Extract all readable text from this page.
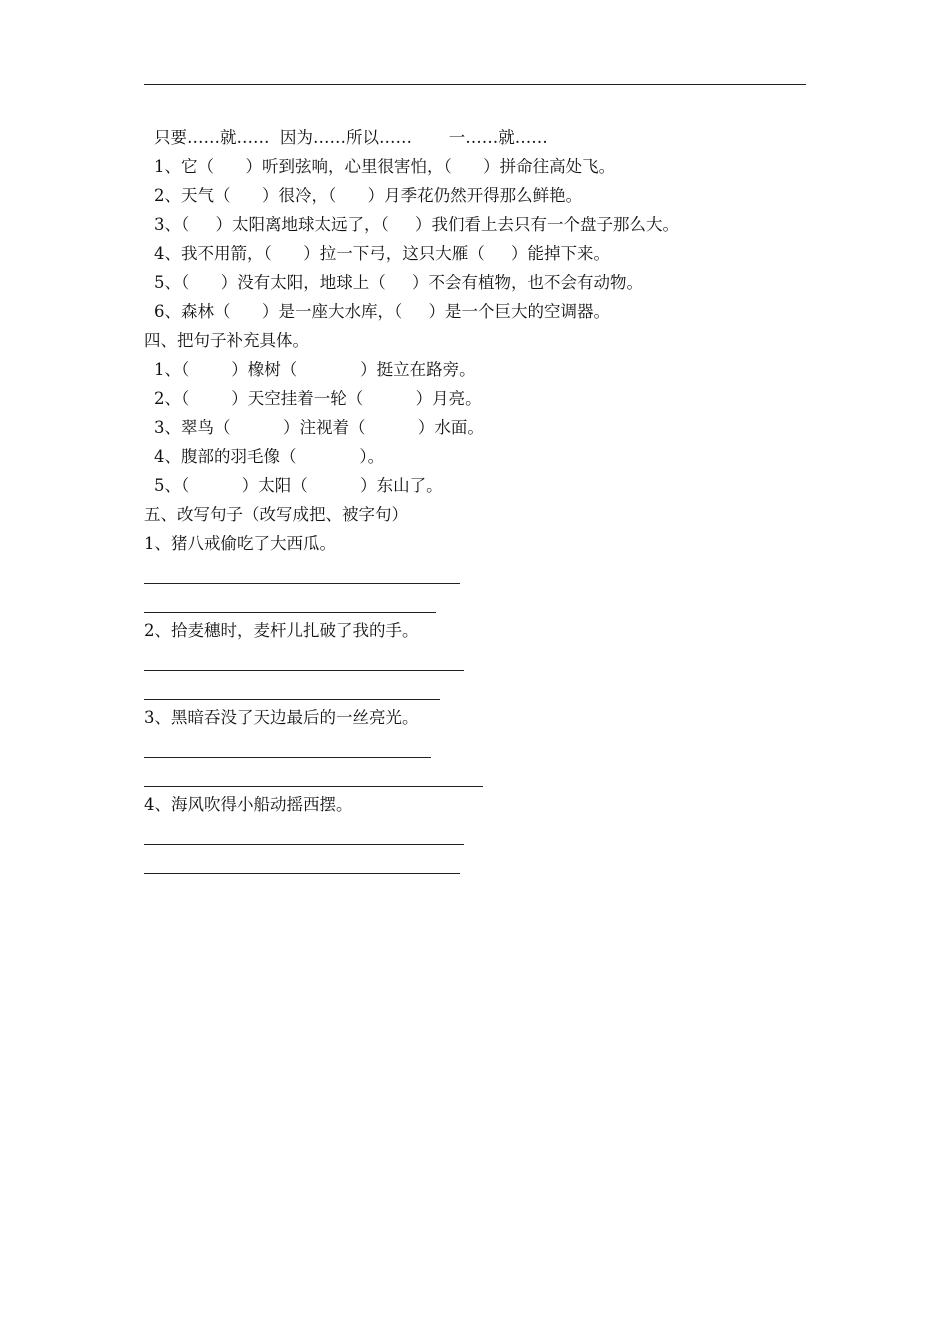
只要……就……  因为……所以……       一……就……
1、它（      ）听到弦响，心里很害怕，（      ）拼命往高处飞。
2、天气（      ）很冷，（      ）月季花仍然开得那么鲜艳。
3、（     ）太阳离地球太远了，（     ）我们看上去只有一个盘子那么大。
4、我不用箭，（      ）拉一下弓，这只大雁（     ）能掉下来。
5、（      ）没有太阳，地球上（     ）不会有植物，也不会有动物。
6、森林（      ）是一座大水库，（     ）是一个巨大的空调器。
四、把句子补充具体。
1、（        ）橡树（            ）挺立在路旁。
2、（        ）天空挂着一轮（          ）月亮。
3、翠鸟（          ）注视着（          ）水面。
4、腹部的羽毛像（            ）。
5、（          ）太阳（          ）东山了。
五、改写句子（改写成把、被字句）
1、猪八戒偷吃了大西瓜。
2、拾麦穗时，麦杆儿扎破了我的手。
3、黑暗吞没了天边最后的一丝亮光。
4、海风吹得小船动摇西摆。
